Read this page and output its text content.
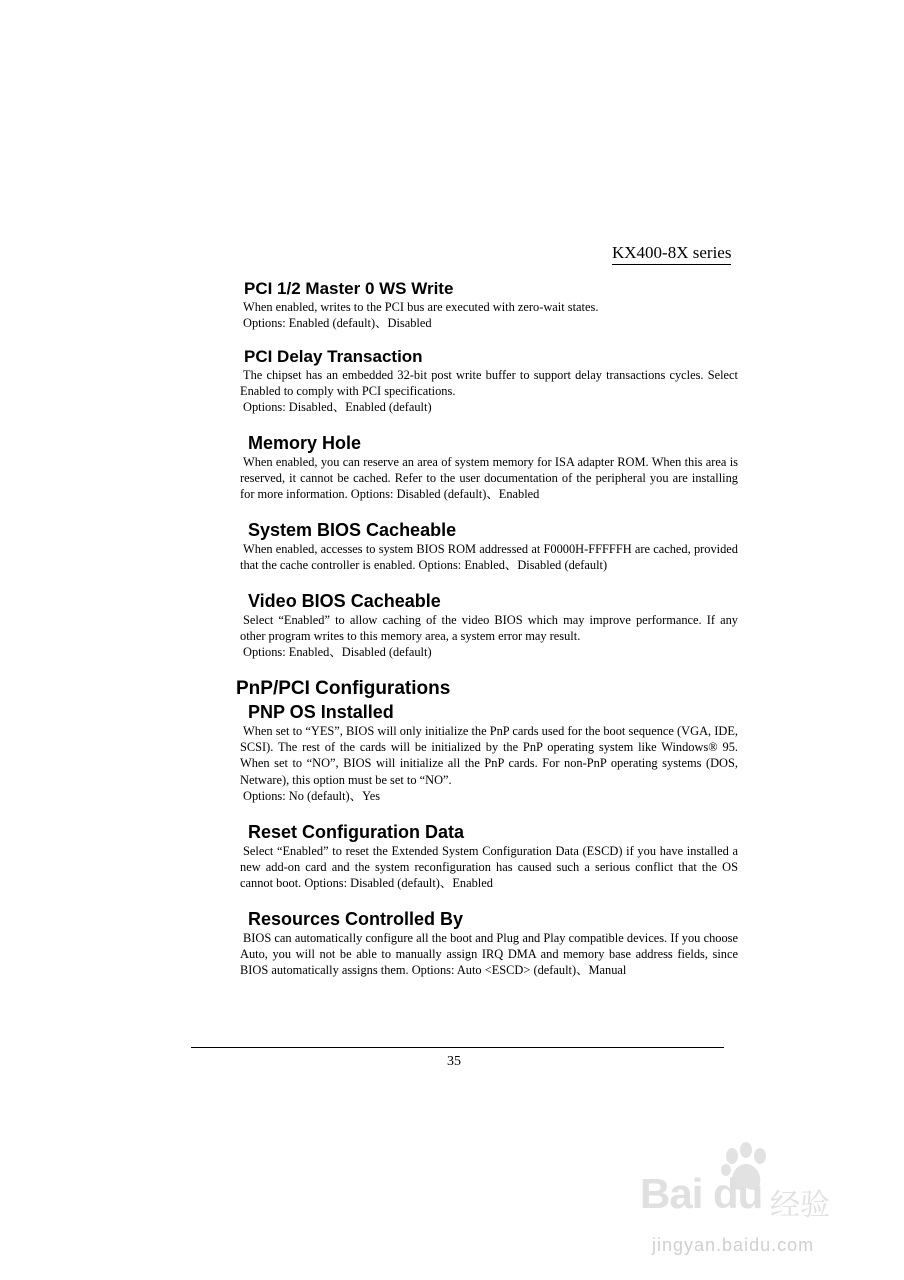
KX400-8X series
PCI 1/2 Master 0 WS Write

When enabled, writes to the PCI bus are executed with zero-wait states.

Options: Enabled (default)、Disabled

PCI Delay Transaction

The chipset has an embedded 32-bit post write buffer to support delay transactions cycles. Select Enabled to comply with PCI specifications.

Options: Disabled、Enabled (default)

Memory Hole

When enabled, you can reserve an area of system memory for ISA adapter ROM. When this area is reserved, it cannot be cached. Refer to the user documentation of the peripheral you are installing for more information. Options: Disabled (default)、Enabled

System BIOS Cacheable

When enabled, accesses to system BIOS ROM addressed at F0000H-FFFFFH are cached, provided that the cache controller is enabled. Options: Enabled、Disabled (default)

Video BIOS Cacheable

Select “Enabled” to allow caching of the video BIOS which may improve performance. If any other program writes to this memory area, a system error may result.

Options: Enabled、Disabled (default)

PnP/PCI Configurations
PNP OS Installed

When set to “YES”, BIOS will only initialize the PnP cards used for the boot sequence (VGA, IDE, SCSI). The rest of the cards will be initialized by the PnP operating system like Windows® 95. When set to “NO”, BIOS will initialize all the PnP cards. For non-PnP operating systems (DOS, Netware), this option must be set to “NO”.

Options: No (default)、Yes

Reset Configuration Data

Select “Enabled” to reset the Extended System Configuration Data (ESCD) if you have installed a new add-on card and the system reconfiguration has caused such a serious conflict that the OS cannot boot. Options: Disabled (default)、Enabled

Resources Controlled By

BIOS can automatically configure all the boot and Plug and Play compatible devices. If you choose Auto, you will not be able to manually assign IRQ DMA and memory base address fields, since BIOS automatically assigns them. Options: Auto <ESCD> (default)、Manual

35
Bai du 经验
jingyan.baidu.com
